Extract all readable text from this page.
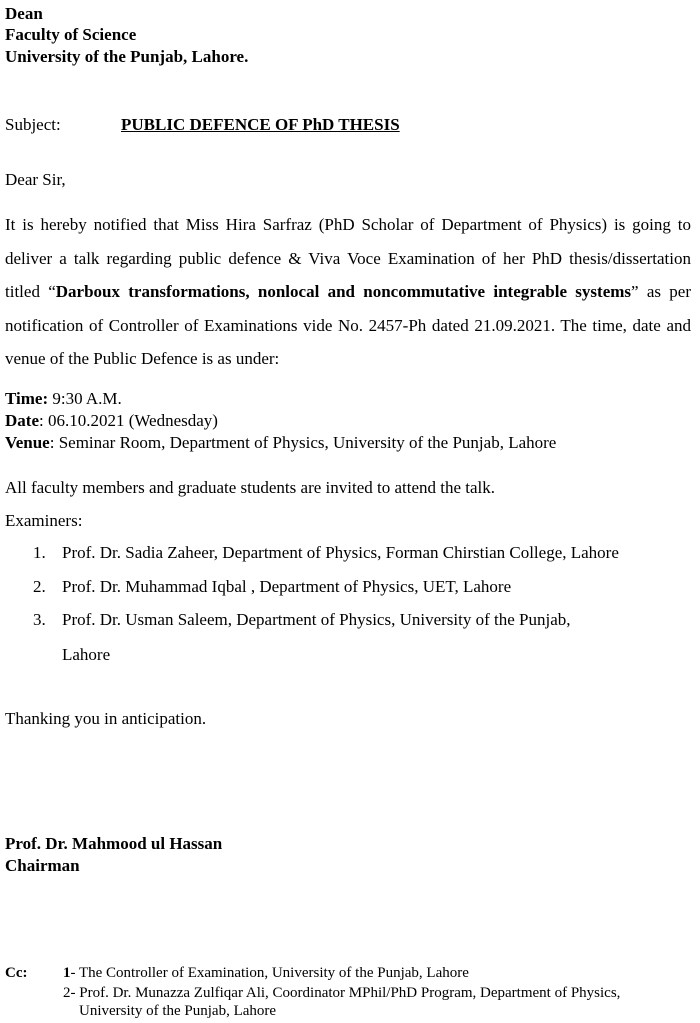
Dean
Faculty of Science
University of the Punjab, Lahore.
Subject:	PUBLIC DEFENCE OF PhD THESIS
Dear Sir,
It is hereby notified that Miss Hira Sarfraz (PhD Scholar of Department of Physics) is going to deliver a talk regarding public defence & Viva Voce Examination of her PhD thesis/dissertation titled “Darboux transformations, nonlocal and noncommutative integrable systems” as per notification of Controller of Examinations vide No. 2457-Ph dated 21.09.2021. The time, date and venue of the Public Defence is as under:
Time: 9:30 A.M.
Date: 06.10.2021 (Wednesday)
Venue: Seminar Room, Department of Physics, University of the Punjab, Lahore
All faculty members and graduate students are invited to attend the talk.
Examiners:
1. Prof. Dr. Sadia Zaheer, Department of Physics, Forman Chirstian College, Lahore
2. Prof. Dr. Muhammad Iqbal , Department of Physics, UET, Lahore
3. Prof. Dr. Usman Saleem, Department of Physics, University of the Punjab,
Lahore
Thanking you in anticipation.
Prof. Dr. Mahmood ul Hassan
Chairman
Cc: 1- The Controller of Examination, University of the Punjab, Lahore
2- Prof. Dr. Munazza Zulfiqar Ali, Coordinator MPhil/PhD Program, Department of Physics,
University of the Punjab, Lahore
